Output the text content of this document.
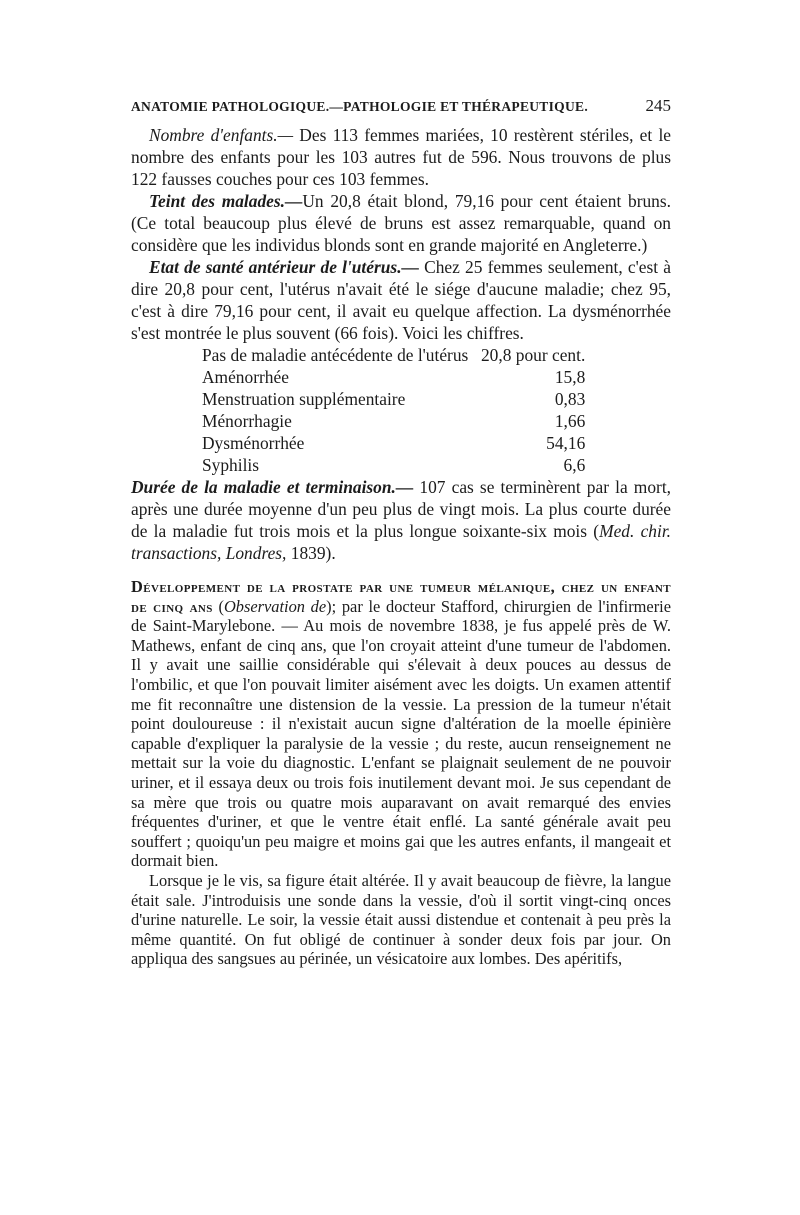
ANATOMIE PATHOLOGIQUE.—PATHOLOGIE ET THÉRAPEUTIQUE.	245

Nombre d'enfants.— Des 113 femmes mariées, 10 restèrent stériles, et le nombre des enfants pour les 103 autres fut de 596. Nous trouvons de plus 122 fausses couches pour ces 103 femmes.

Teint des malades.—Un 20,8 était blond, 79,16 pour cent étaient bruns. (Ce total beaucoup plus élevé de bruns est assez remarquable, quand on considère que les individus blonds sont en grande majorité en Angleterre.)

Etat de santé antérieur de l'utérus.— Chez 25 femmes seulement, c'est à dire 20,8 pour cent, l'utérus n'avait été le siége d'aucune maladie; chez 95, c'est à dire 79,16 pour cent, il avait eu quelque affection. La dysménorrhée s'est montrée le plus souvent (66 fois). Voici les chiffres.

Pas de maladie antécédente de l'utérus	20,8 pour cent.
Aménorrhée	15,8
Menstruation supplémentaire	0,83
Ménorrhagie	1,66
Dysménorrhée	54,16
Syphilis	6,6

Durée de la maladie et terminaison.— 107 cas se terminèrent par la mort, après une durée moyenne d'un peu plus de vingt mois. La plus courte durée de la maladie fut trois mois et la plus longue soixante-six mois (Med. chir. transactions, Londres, 1839).

Développement de la prostate par une tumeur mélanique, chez un enfant de cinq ans (Observation de); par le docteur Stafford, chirurgien de l'infirmerie de Saint-Marylebone. — Au mois de novembre 1838, je fus appelé près de W. Mathews, enfant de cinq ans, que l'on croyait atteint d'une tumeur de l'abdomen. Il y avait une saillie considérable qui s'élevait à deux pouces au dessus de l'ombilic, et que l'on pouvait limiter aisément avec les doigts. Un examen attentif me fit reconnaître une distension de la vessie. La pression de la tumeur n'était point douloureuse : il n'existait aucun signe d'altération de la moelle épinière capable d'expliquer la paralysie de la vessie ; du reste, aucun renseignement ne mettait sur la voie du diagnostic. L'enfant se plaignait seulement de ne pouvoir uriner, et il essaya deux ou trois fois inutilement devant moi. Je sus cependant de sa mère que trois ou quatre mois auparavant on avait remarqué des envies fréquentes d'uriner, et que le ventre était enflé. La santé générale avait peu souffert ; quoiqu'un peu maigre et moins gai que les autres enfants, il mangeait et dormait bien.

Lorsque je le vis, sa figure était altérée. Il y avait beaucoup de fièvre, la langue était sale. J'introduisis une sonde dans la vessie, d'où il sortit vingt-cinq onces d'urine naturelle. Le soir, la vessie était aussi distendue et contenait à peu près la même quantité. On fut obligé de continuer à sonder deux fois par jour. On appliqua des sangsues au périnée, un vésicatoire aux lombes. Des apéritifs,
